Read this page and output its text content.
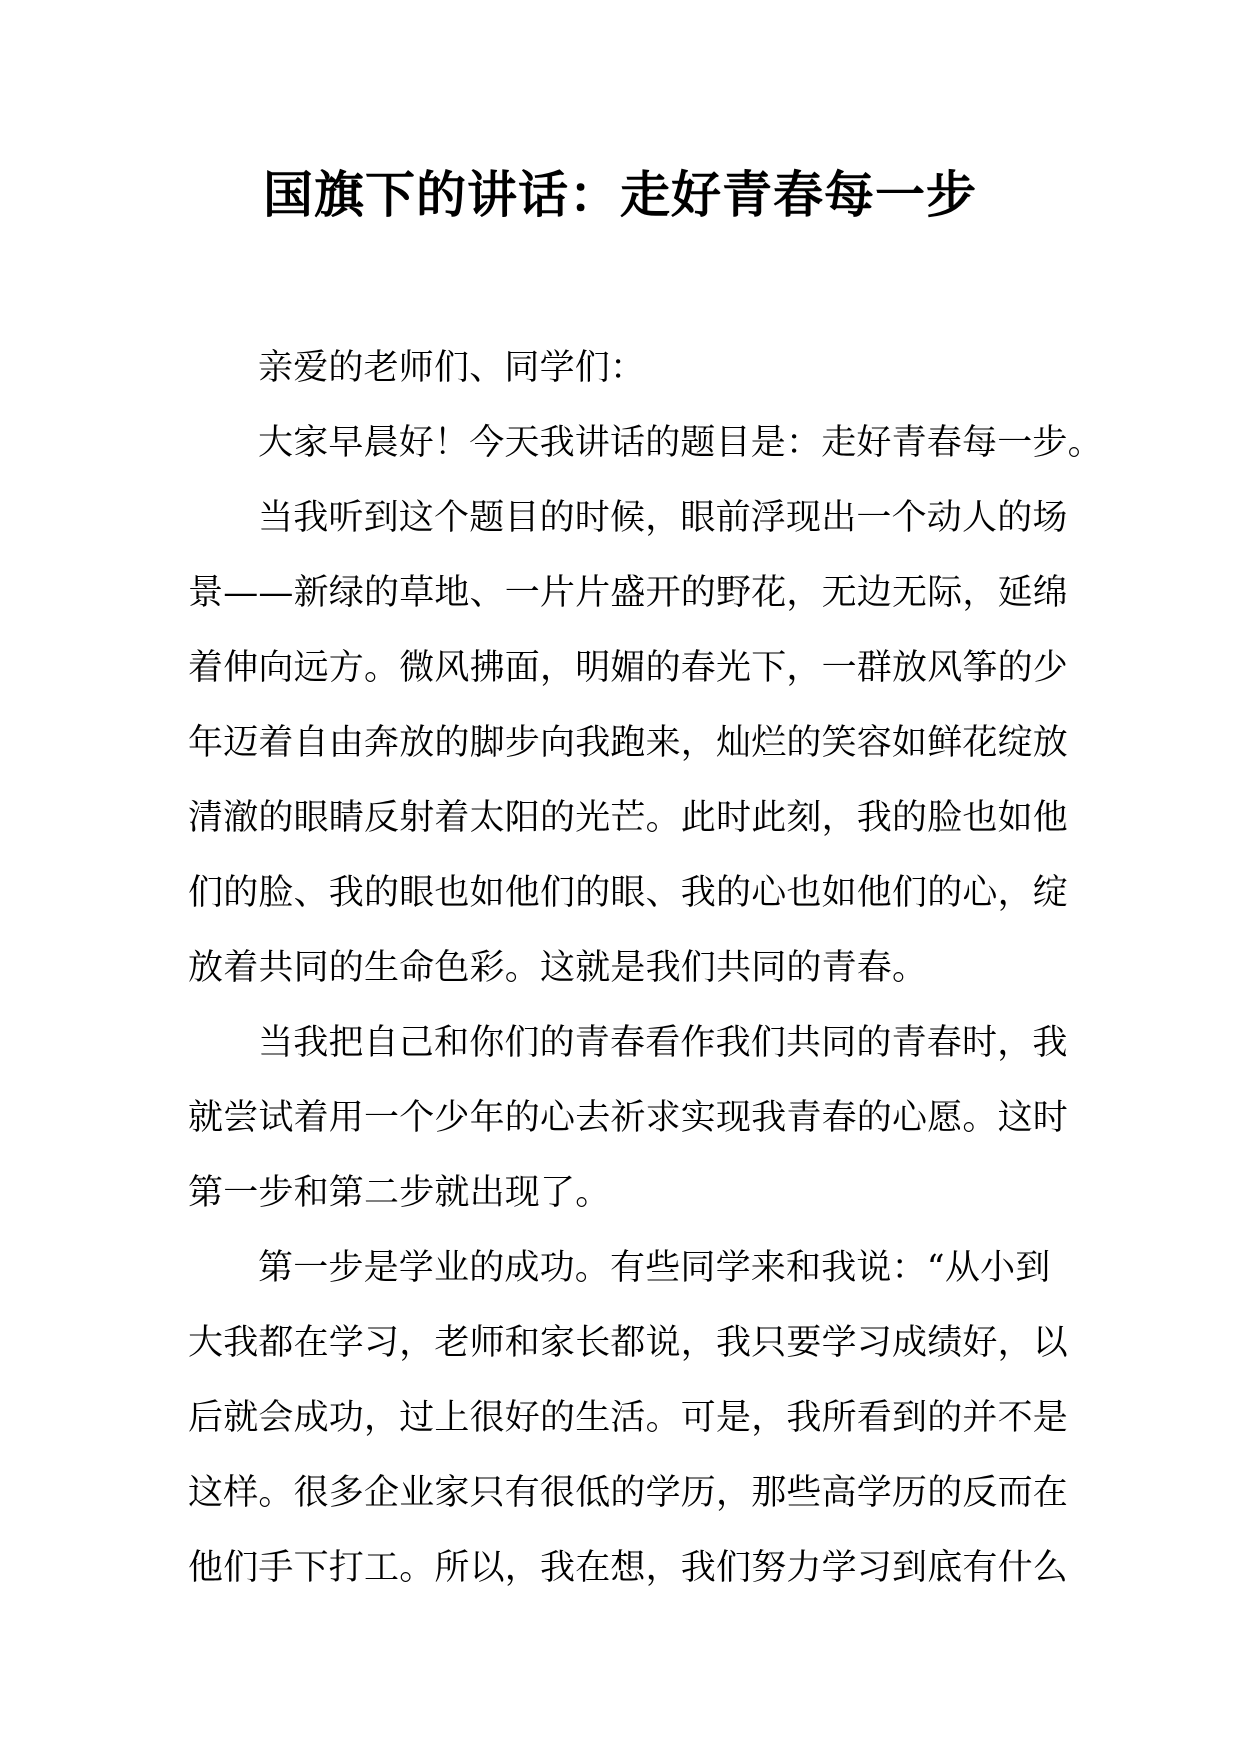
国旗下的讲话：走好青春每一步
亲爱的老师们、同学们：
大家早晨好！今天我讲话的题目是：走好青春每一步。
当我听到这个题目的时候，眼前浮现出一个动人的场
景——新绿的草地、一片片盛开的野花，无边无际，延绵
着伸向远方。微风拂面，明媚的春光下，一群放风筝的少
年迈着自由奔放的脚步向我跑来，灿烂的笑容如鲜花绽放
清澈的眼睛反射着太阳的光芒。此时此刻，我的脸也如他
们的脸、我的眼也如他们的眼、我的心也如他们的心，绽
放着共同的生命色彩。这就是我们共同的青春。
当我把自己和你们的青春看作我们共同的青春时，我
就尝试着用一个少年的心去祈求实现我青春的心愿。这时
第一步和第二步就出现了。
第一步是学业的成功。有些同学来和我说：“从小到
大我都在学习，老师和家长都说，我只要学习成绩好，以
后就会成功，过上很好的生活。可是，我所看到的并不是
这样。很多企业家只有很低的学历，那些高学历的反而在
他们手下打工。所以，我在想，我们努力学习到底有什么
